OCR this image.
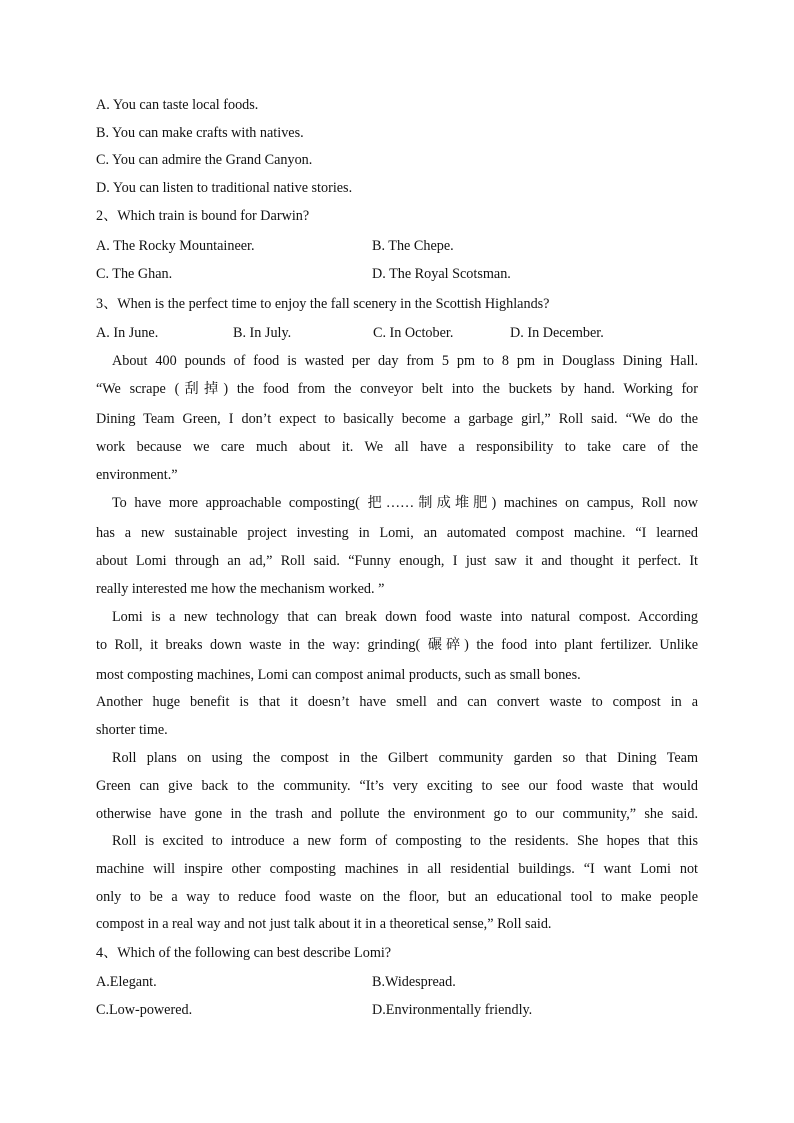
A. You can taste local foods.
B. You can make crafts with natives.
C. You can admire the Grand Canyon.
D. You can listen to traditional native stories.
2、Which train is bound for Darwin?
A. The Rocky Mountaineer.	B. The Chepe.
C. The Ghan.	D. The Royal Scotsman.
3、When is the perfect time to enjoy the fall scenery in the Scottish Highlands?
A. In June.	B. In July.	C. In October.	D. In December.
About 400 pounds of food is wasted per day from 5 pm to 8 pm in Douglass Dining Hall.
“We scrape (刮掉) the food from the conveyor belt into the buckets by hand. Working for
Dining Team Green, I don’t expect to basically become a garbage girl,” Roll said. “We do the
work because we care much about it. We all have a responsibility to take care of the
environment.”
To have more approachable composting( 把……制成堆肥) machines on campus, Roll now
has a new sustainable project investing in Lomi, an automated compost machine. “I learned
about Lomi through an ad,” Roll said. “Funny enough, I just saw it and thought it perfect. It
really interested me how the mechanism worked. ”
Lomi is a new technology that can break down food waste into natural compost. According
to Roll, it breaks down waste in the way: grinding( 碾碎) the food into plant fertilizer. Unlike
most composting machines, Lomi can compost animal products, such as small bones.
Another huge benefit is that it doesn’t have smell and can convert waste to compost in a
shorter time.
Roll plans on using the compost in the Gilbert community garden so that Dining Team
Green can give back to the community. “It’s very exciting to see our food waste that would
otherwise have gone in the trash and pollute the environment go to our community,” she said.
Roll is excited to introduce a new form of composting to the residents. She hopes that this
machine will inspire other composting machines in all residential buildings. “I want Lomi not
only to be a way to reduce food waste on the floor, but an educational tool to make people
compost in a real way and not just talk about it in a theoretical sense,” Roll said.
4、Which of the following can best describe Lomi?
A.Elegant.	B.Widespread.
C.Low-powered.	D.Environmentally friendly.
